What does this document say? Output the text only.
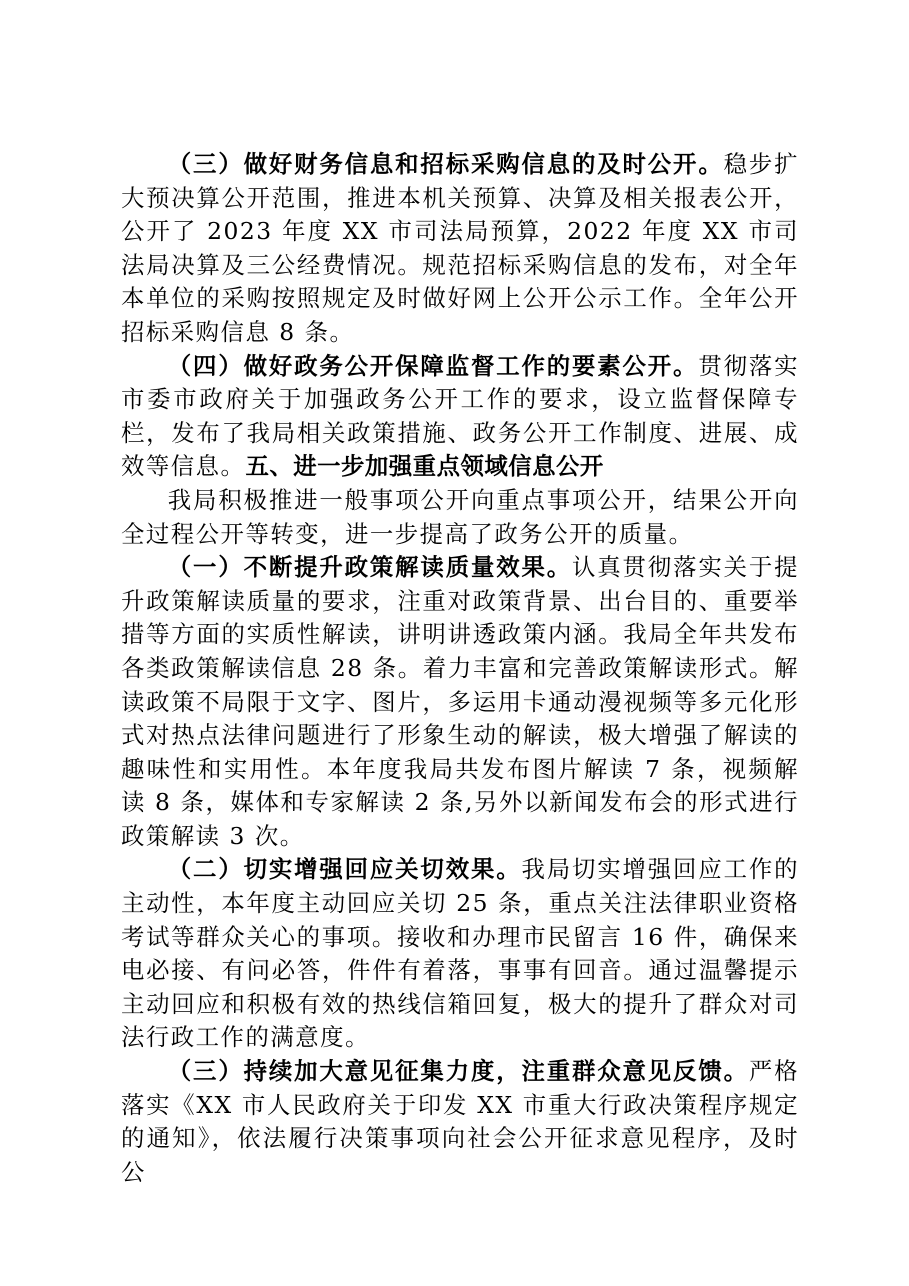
（三）做好财务信息和招标采购信息的及时公开。稳步扩大预决算公开范围，推进本机关预算、决算及相关报表公开，公开了 2023 年度 XX 市司法局预算，2022 年度 XX 市司法局决算及三公经费情况。规范招标采购信息的发布，对全年本单位的采购按照规定及时做好网上公开公示工作。全年公开招标采购信息 8 条。

（四）做好政务公开保障监督工作的要素公开。贯彻落实市委市政府关于加强政务公开工作的要求，设立监督保障专栏，发布了我局相关政策措施、政务公开工作制度、进展、成效等信息。五、进一步加强重点领域信息公开

我局积极推进一般事项公开向重点事项公开，结果公开向全过程公开等转变，进一步提高了政务公开的质量。

（一）不断提升政策解读质量效果。认真贯彻落实关于提升政策解读质量的要求，注重对政策背景、出台目的、重要举措等方面的实质性解读，讲明讲透政策内涵。我局全年共发布各类政策解读信息 28 条。着力丰富和完善政策解读形式。解读政策不局限于文字、图片，多运用卡通动漫视频等多元化形式对热点法律问题进行了形象生动的解读，极大增强了解读的趣味性和实用性。本年度我局共发布图片解读 7 条，视频解读 8 条，媒体和专家解读 2 条,另外以新闻发布会的形式进行政策解读 3 次。

（二）切实增强回应关切效果。我局切实增强回应工作的主动性，本年度主动回应关切 25 条，重点关注法律职业资格考试等群众关心的事项。接收和办理市民留言 16 件，确保来电必接、有问必答，件件有着落，事事有回音。通过温馨提示主动回应和积极有效的热线信箱回复，极大的提升了群众对司法行政工作的满意度。

（三）持续加大意见征集力度，注重群众意见反馈。严格落实《XX 市人民政府关于印发 XX 市重大行政决策程序规定的通知》，依法履行决策事项向社会公开征求意见程序，及时公
